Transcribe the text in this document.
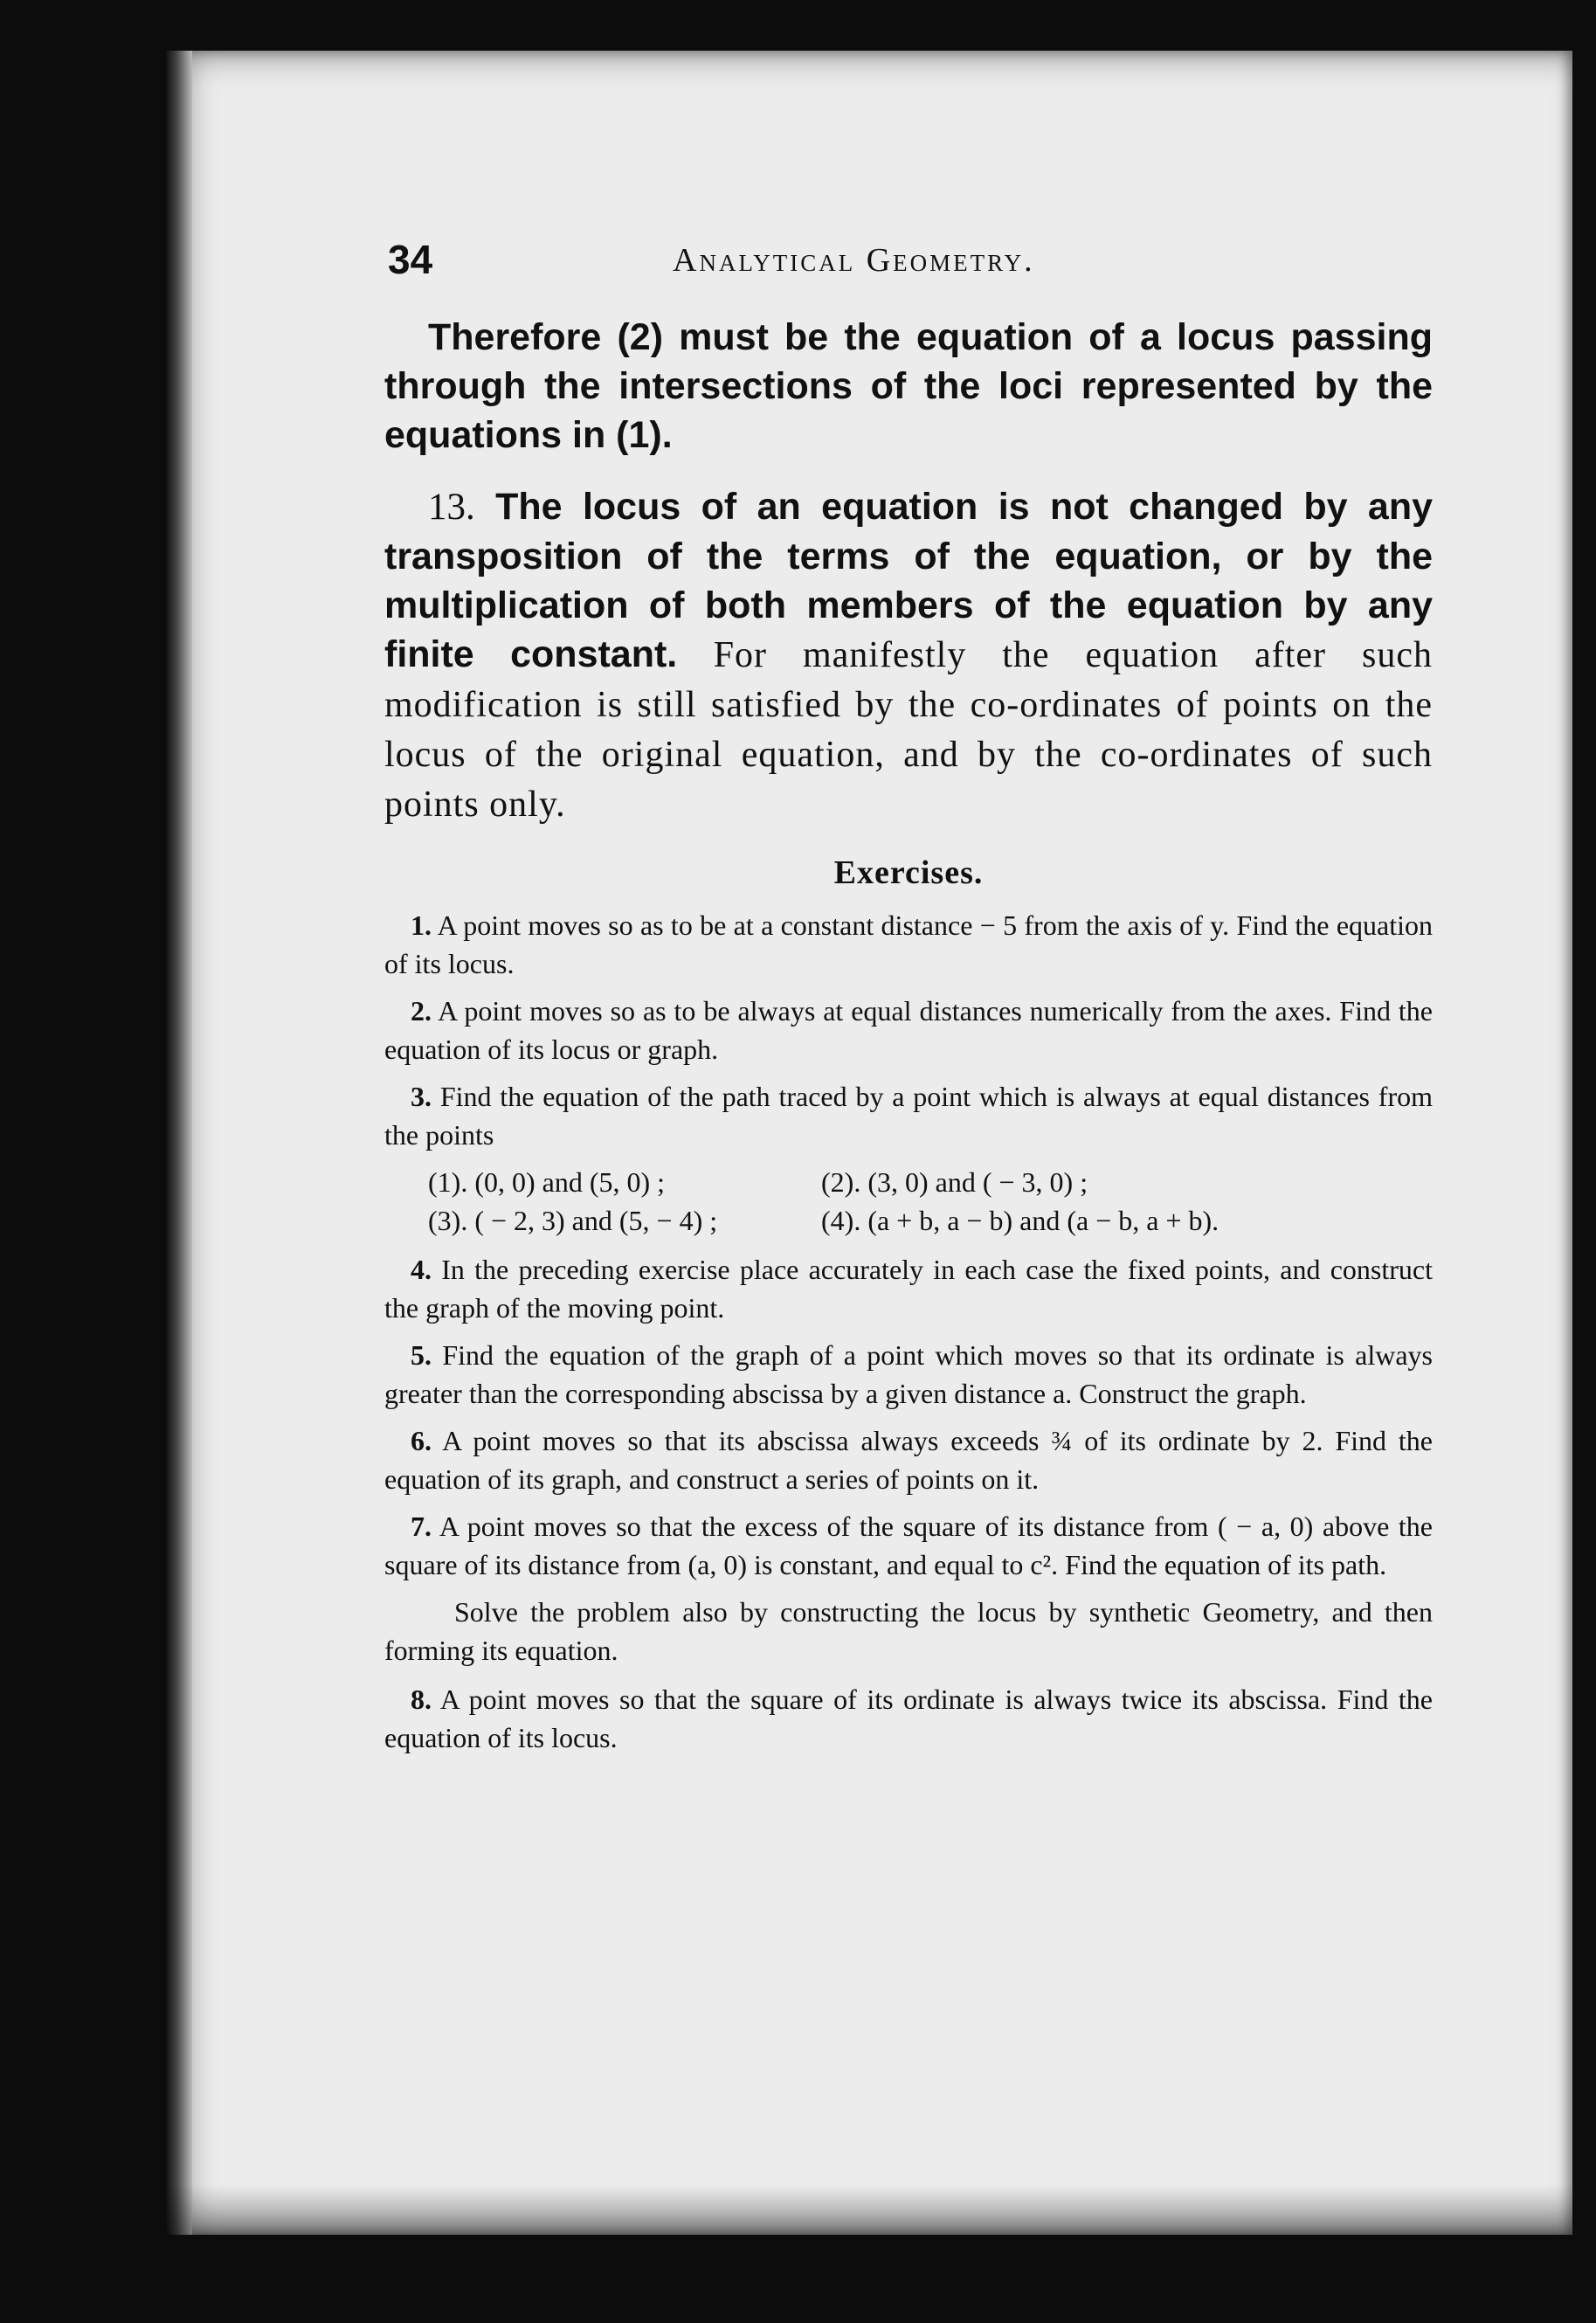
34	Analytical Geometry.

Therefore (2) must be the equation of a locus passing through the intersections of the loci represented by the equations in (1).

13. The locus of an equation is not changed by any transposition of the terms of the equation, or by the multiplication of both members of the equation by any finite constant. For manifestly the equation after such modification is still satisfied by the co-ordinates of points on the locus of the original equation, and by the co-ordinates of such points only.

Exercises.

1. A point moves so as to be at a constant distance − 5 from the axis of y. Find the equation of its locus.

2. A point moves so as to be always at equal distances numerically from the axes. Find the equation of its locus or graph.

3. Find the equation of the path traced by a point which is always at equal distances from the points

(1). (0, 0) and (5, 0) ;	(2). (3, 0) and ( − 3, 0) ;
(3). ( − 2, 3) and (5, − 4) ;	(4). (a + b, a − b) and (a − b, a + b).

4. In the preceding exercise place accurately in each case the fixed points, and construct the graph of the moving point.

5. Find the equation of the graph of a point which moves so that its ordinate is always greater than the corresponding abscissa by a given distance a. Construct the graph.

6. A point moves so that its abscissa always exceeds ¾ of its ordinate by 2. Find the equation of its graph, and construct a series of points on it.

7. A point moves so that the excess of the square of its distance from ( − a, 0) above the square of its distance from (a, 0) is constant, and equal to c². Find the equation of its path.

Solve the problem also by constructing the locus by synthetic Geometry, and then forming its equation.

8. A point moves so that the square of its ordinate is always twice its abscissa. Find the equation of its locus.
